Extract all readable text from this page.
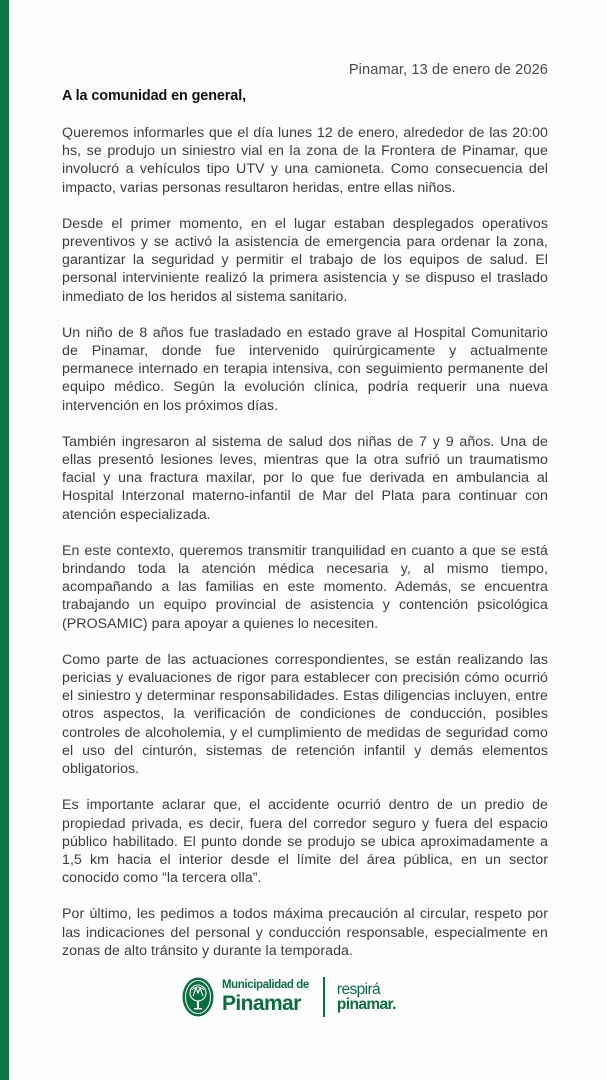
Pinamar, 13 de enero de 2026
A la comunidad en general,

Queremos informarles que el día lunes 12 de enero, alrededor de las 20:00 hs, se produjo un siniestro vial en la zona de la Frontera de Pinamar, que involucró a vehículos tipo UTV y una camioneta. Como consecuencia del impacto, varias personas resultaron heridas, entre ellas niños.

Desde el primer momento, en el lugar estaban desplegados operativos preventivos y se activó la asistencia de emergencia para ordenar la zona, garantizar la seguridad y permitir el trabajo de los equipos de salud. El personal interviniente realizó la primera asistencia y se dispuso el traslado inmediato de los heridos al sistema sanitario.

Un niño de 8 años fue trasladado en estado grave al Hospital Comunitario de Pinamar, donde fue intervenido quirúrgicamente y actualmente permanece internado en terapia intensiva, con seguimiento permanente del equipo médico. Según la evolución clínica, podría requerir una nueva intervención en los próximos días.

También ingresaron al sistema de salud dos niñas de 7 y 9 años. Una de ellas presentó lesiones leves, mientras que la otra sufrió un traumatismo facial y una fractura maxilar, por lo que fue derivada en ambulancia al Hospital Interzonal materno-infantil de Mar del Plata para continuar con atención especializada.

En este contexto, queremos transmitir tranquilidad en cuanto a que se está brindando toda la atención médica necesaria y, al mismo tiempo, acompañando a las familias en este momento. Además, se encuentra trabajando un equipo provincial de asistencia y contención psicológica (PROSAMIC) para apoyar a quienes lo necesiten.

Como parte de las actuaciones correspondientes, se están realizando las pericias y evaluaciones de rigor para establecer con precisión cómo ocurrió el siniestro y determinar responsabilidades. Estas diligencias incluyen, entre otros aspectos, la verificación de condiciones de conducción, posibles controles de alcoholemia, y el cumplimiento de medidas de seguridad como el uso del cinturón, sistemas de retención infantil y demás elementos obligatorios.

Es importante aclarar que, el accidente ocurrió dentro de un predio de propiedad privada, es decir, fuera del corredor seguro y fuera del espacio público habilitado. El punto donde se produjo se ubica aproximadamente a 1,5 km hacia el interior desde el límite del área pública, en un sector conocido como “la tercera olla”.

Por último, les pedimos a todos máxima precaución al circular, respeto por las indicaciones del personal y conducción responsable, especialmente en zonas de alto tránsito y durante la temporada.

Municipalidad de
Pinamar
respirá
pinamar.
